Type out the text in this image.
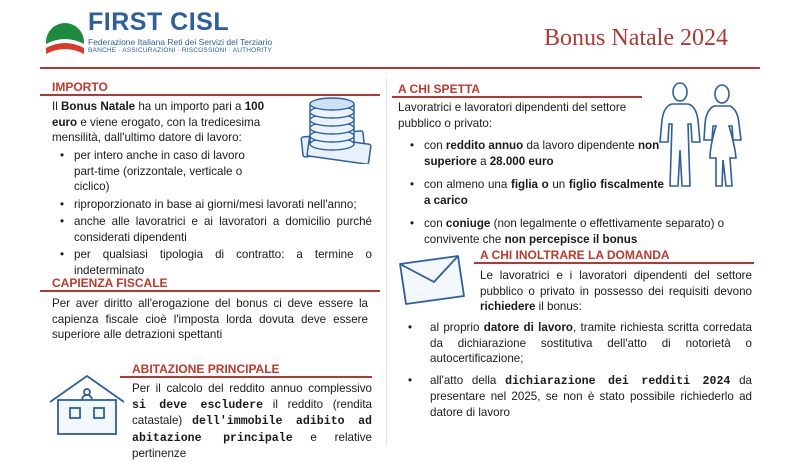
FIRST CISL
Federazione Italiana Reti dei Servizi del Terziario
BANCHE · ASSICURAZIONI · RISCOSSIONI · AUTHORITY	Bonus Natale 2024
IMPORTO
Il Bonus Natale ha un importo pari a 100 euro e viene erogato, con la tredicesima mensilità, dall'ultimo datore di lavoro:
• per intero anche in caso di lavoro part-time (orizzontale, verticale o ciclico)
• riproporzionato in base ai giorni/mesi lavorati nell'anno;
• anche alle lavoratrici e ai lavoratori a domicilio purché considerati dipendenti
• per qualsiasi tipologia di contratto: a termine o indeterminato
CAPIENZA FISCALE
Per aver diritto all'erogazione del bonus ci deve essere la capienza fiscale cioè l'imposta lorda dovuta deve essere superiore alle detrazioni spettanti
ABITAZIONE PRINCIPALE
Per il calcolo del reddito annuo complessivo si deve escludere il reddito (rendita catastale) dell'immobile adibito ad abitazione principale e relative pertinenze
A CHI SPETTA
Lavoratrici e lavoratori dipendenti del settore pubblico o privato:
• con reddito annuo da lavoro dipendente non superiore a 28.000 euro
• con almeno una figlia o un figlio fiscalmente a carico
• con coniuge (non legalmente o effettivamente separato) o convivente che non percepisce il bonus
A CHI INOLTRARE LA DOMANDA
Le lavoratrici e i lavoratori dipendenti del settore pubblico o privato in possesso dei requisiti devono richiedere il bonus:
• al proprio datore di lavoro, tramite richiesta scritta corredata da dichiarazione sostitutiva dell'atto di notorietà o autocertificazione;
• all'atto della dichiarazione dei redditi 2024 da presentare nel 2025, se non è stato possibile richiederlo ad datore di lavoro
